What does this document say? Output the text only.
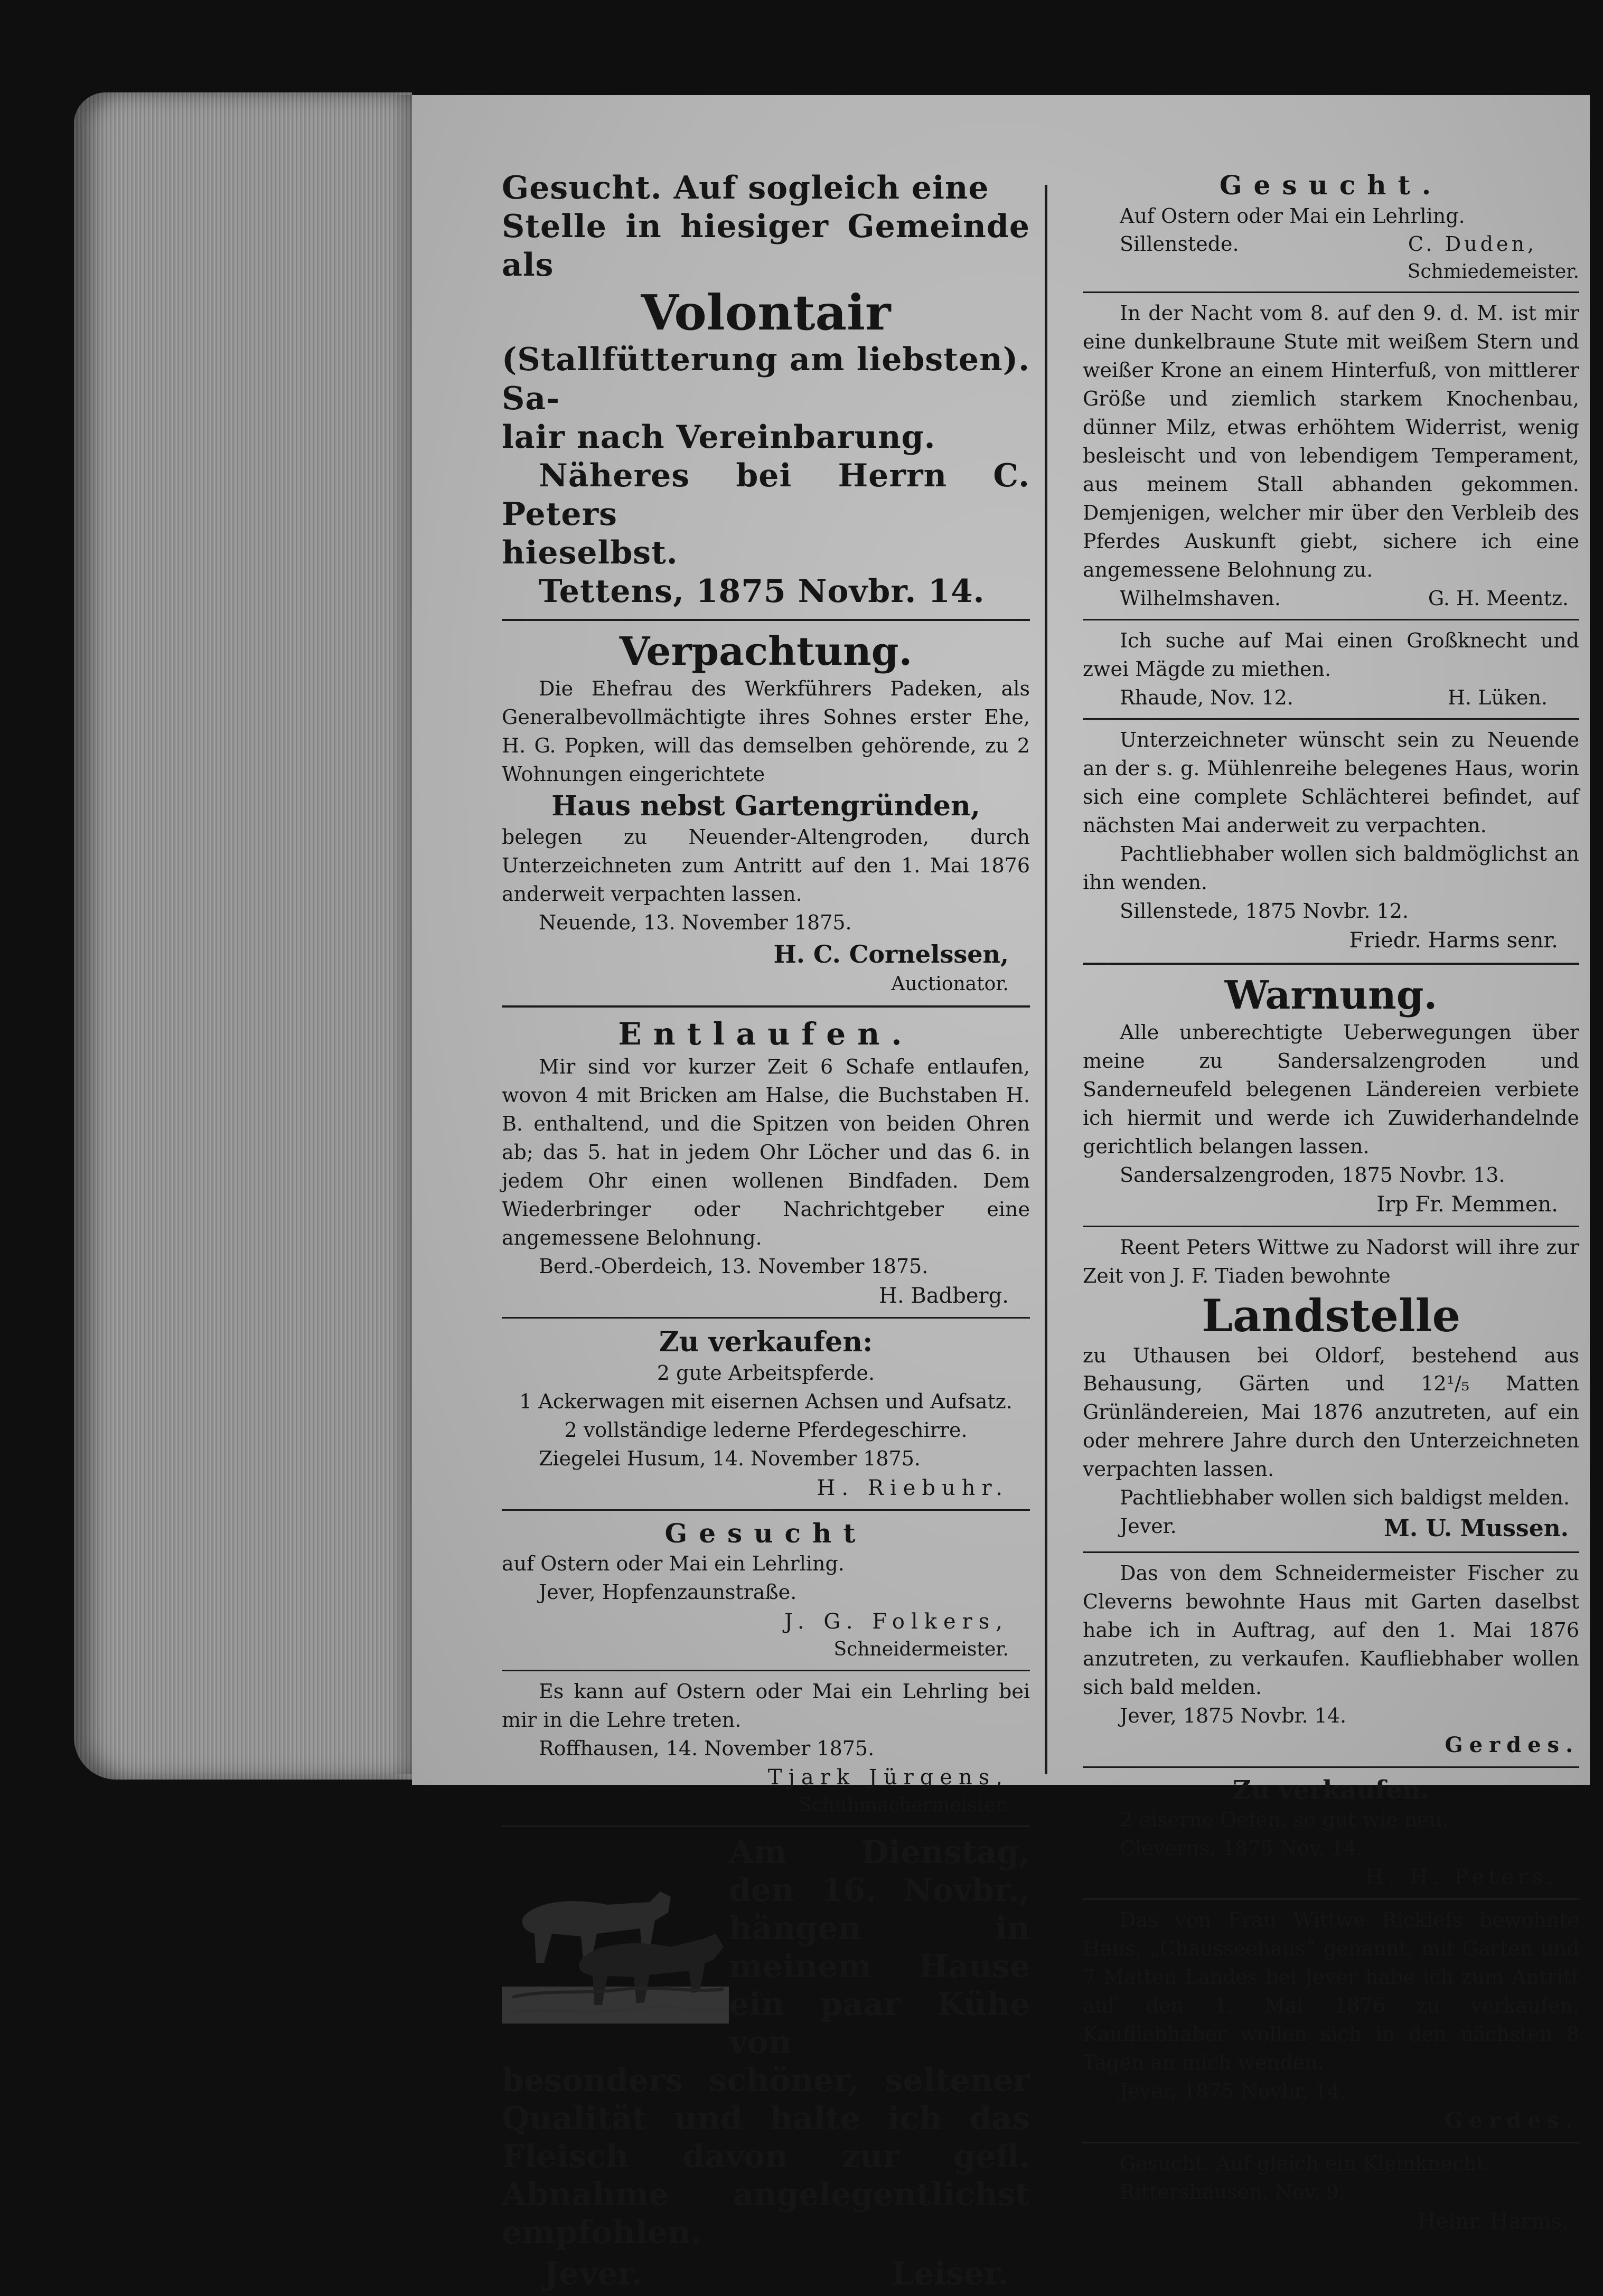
Gesucht. Auf sogleich eine
Stelle in hiesiger Gemeinde als
Volontair
(Stallfütterung am liebsten). Sa-
lair nach Vereinbarung.
Näheres bei Herrn C. Peters
hieselbst.
Tettens, 1875 Novbr. 14.
Verpachtung.
Die Ehefrau des Werkführers Padeken, als Generalbevollmächtigte ihres Sohnes erster Ehe, H. G. Popken, will das demselben gehörende, zu 2 Wohnungen eingerichtete
Haus nebst Gartengründen,
belegen zu Neuender-Altengroden, durch Unterzeichneten zum Antritt auf den 1. Mai 1876 anderweit verpachten lassen.
Neuende, 13. November 1875.
H. C. Cornelssen,
Auctionator.
Entlaufen.
Mir sind vor kurzer Zeit 6 Schafe entlaufen, wovon 4 mit Bricken am Halse, die Buchstaben H. B. enthaltend, und die Spitzen von beiden Ohren ab; das 5. hat in jedem Ohr Löcher und das 6. in jedem Ohr einen wollenen Bindfaden. Dem Wiederbringer oder Nachrichtgeber eine angemessene Belohnung.
Berd.-Oberdeich, 13. November 1875.
H. Badberg.
Zu verkaufen:
2 gute Arbeitspferde.
1 Ackerwagen mit eisernen Achsen und Aufsatz.
2 vollständige lederne Pferdegeschirre.
Ziegelei Husum, 14. November 1875.
H. Riebuhr.
Gesucht
auf Ostern oder Mai ein Lehrling.
Jever, Hopfenzaunstraße.
J. G. Folkers,
Schneidermeister.
Es kann auf Ostern oder Mai ein Lehrling bei mir in die Lehre treten.
Roffhausen, 14. November 1875.
Tjark Jürgens,
Schuhmachermeister.
Am Dienstag, den 16. Novbr., hängen in meinem Hause ein paar Kühe von
besonders schöner, seltener Qualität und halte ich das Fleisch davon zur gefl. Abnahme angelegentlichst empfohlen.
Jever.	Leiser.
Gesucht.
Auf Ostern oder Mai ein Lehrling.
Sillenstede.	C. Duden,
Schmiedemeister.
In der Nacht vom 8. auf den 9. d. M. ist mir eine dunkelbraune Stute mit weißem Stern und weißer Krone an einem Hinterfuß, von mittlerer Größe und ziemlich starkem Knochenbau, dünner Milz, etwas erhöhtem Widerrist, wenig besleischt und von lebendigem Temperament, aus meinem Stall abhanden gekommen. Demjenigen, welcher mir über den Verbleib des Pferdes Auskunft giebt, sichere ich eine angemessene Belohnung zu.
Wilhelmshaven.	G. H. Meentz.
Ich suche auf Mai einen Großknecht und zwei Mägde zu miethen.
Rhaude, Nov. 12.	H. Lüken.
Unterzeichneter wünscht sein zu Neuende an der s. g. Mühlenreihe belegenes Haus, worin sich eine complete Schlächterei befindet, auf nächsten Mai anderweit zu verpachten.
Pachtliebhaber wollen sich baldmöglichst an ihn wenden.
Sillenstede, 1875 Novbr. 12.
Friedr. Harms senr.
Warnung.
Alle unberechtigte Ueberwegungen über meine zu Sandersalzengroden und Sanderneufeld belegenen Ländereien verbiete ich hiermit und werde ich Zuwiderhandelnde gerichtlich belangen lassen.
Sandersalzengroden, 1875 Novbr. 13.
Irp Fr. Memmen.
Reent Peters Wittwe zu Nadorst will ihre zur Zeit von J. F. Tiaden bewohnte
Landstelle
zu Uthausen bei Oldorf, bestehend aus Behausung, Gärten und 12¹/₅ Matten Grünländereien, Mai 1876 anzutreten, auf ein oder mehrere Jahre durch den Unterzeichneten verpachten lassen.
Pachtliebhaber wollen sich baldigst melden.
Jever.	M. U. Mussen.
Das von dem Schneidermeister Fischer zu Cleverns bewohnte Haus mit Garten daselbst habe ich in Auftrag, auf den 1. Mai 1876 anzutreten, zu verkaufen. Kaufliebhaber wollen sich bald melden.
Jever, 1875 Novbr. 14.
Gerdes.
Zu verkaufen.
2 eiserne Oefen, so gut wie neu.
Cleverns, 1875 Nov. 14.
H. H. Peters.
Das von Frau Wittwe Ricklefs bewohnte Haus, „Chausseehaus“ genannt, mit Garten und 7 Matten Landes bei Jever habe ich zum Antritt auf den 1. Mai 1876 zu verkaufen. Kaufliebhaber wollen sich in den nächsten 8 Tagen an mich wenden.
Jever, 1875 Novbr. 14.
Gerdes.
Gesucht. Auf gleich ein Kleinknecht.
Rittershausen, Nov. 9.
Heinr. Harms.
